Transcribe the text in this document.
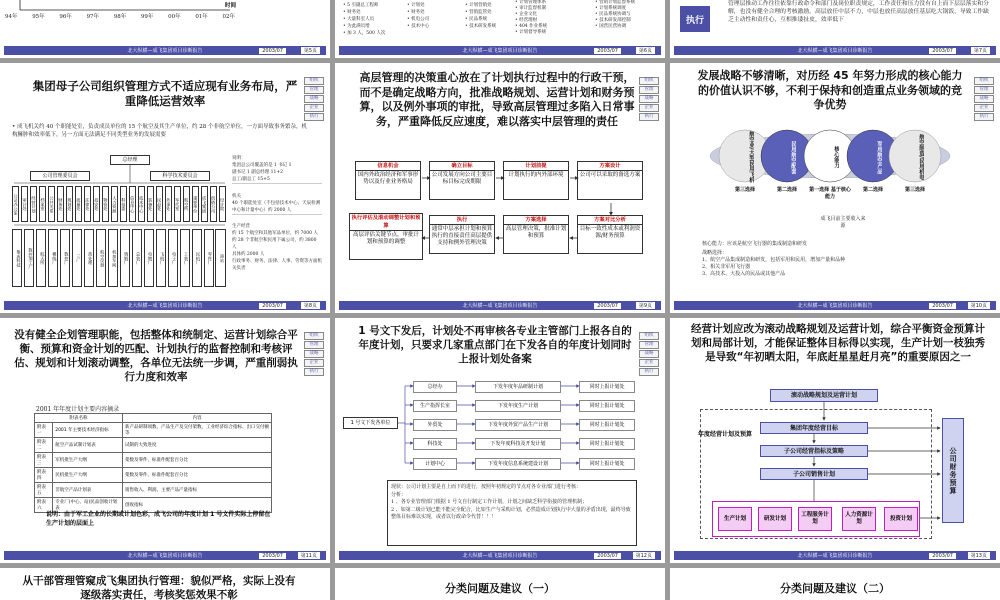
94年	95年	96年	97年	98年	99年	00年	01年	02年
时间
北大纵横—成飞集团项目诊断报告	2003/07	第5页
• 5 引副总工程师
• 财务处
• 大量科室人员
• 为此满员增
• 加 3 人，500 人次
• 计划处
• 财务处
• 机电公司
• 技术中心
• 计划营销处
• 营销监管处
• 民品系统
• 技术研发系统
• 计划管理体系
• 审计监督机制
• 企业文化
• 经营理财
• 404 作业系统
• 计划督导系统
• 营销计划监督系统
• 计划系统调度
• 民品系统协调与
• 技术研发部控制
• 国营民营协调
北大纵横—成飞集团项目诊断报告	2003/07	第6页
执行
管理层推动工作往往依靠行政命令和部门及岗位职责规定，工作责任和压力没有自上而下层层落实和分解，也没有健全合理的考核激励，高层放任中层不力，中层也放任高层放任基层吃大锅饭，导致工作缺乏主动性和责任心，互相推诿扯皮，效率低下
北大纵横—成飞集团项目诊断报告	2003/07	第7页
组织
管理
战略
企业
执行
集团母子公司组织管理方式不适应现有业务布局，严重降低运营效率
• 成飞机关约 40 个职能处室，负责成员单位的 15 个航空及其生产单位，约 28 个非航空单位，一方面导致事务繁杂，机构臃肿和效率低下，另一方面无法满足不同类型业务的发展需要
总经理
公司管理委员会	科学技术委员会
公司办公室 审计处 经营计划 档案室 公共关系 财务处 规划处 质量处 法律处 技安处 物资处 人力资源 科技委 信息中心 技术中心 装备处 民品处 外事处 军代室 航空所 重要单位 成飞集团 供销公司 设计院
集成科技	数控加工厂	航天所	模线厂	数控厂	三厂	热处理	航空仪器	机加车间	铸锻厂	总装厂	电镀厂	飞机厂	电子厂	工装厂	民机厂	零件厂	油站
说明：
集团总公司覆盖的是 1 书记 1
副书记 1 副总经理 11+2
总工/副总工 15+5
机关
40 个职能处室（不包括技术中心、天辰检测中心和计量中心）约 2000 人
生产经营
约 15 个航空和其他军品单位，约 7000 人
约 28 个非航空和民用下属公司，约 3800 人
具体约 2000 人
行政事务、财务、法律、人事、劳资等方面机关负责
北大纵横—成飞集团项目诊断报告	2003/07	第8页
组织
管理
战略
企业
执行
高层管理的决策重心放在了计划执行过程中的行政干预，而不是确定战略方向，批准战略规划、运营计划和财务预算，以及例外事项的审批，导致高层管理过多陷入日常事务，严重降低反应速度，难以落实中层管理的责任
信息机会
国内外政治经济和军事形势以及行业业务格局
确立目标
公司发展方向公司主要目标目标完成期限
计划前提
计划执行的内外部环境
方案设计
公司可以采取的备选方案
方案对比分析
目标一致性成本或利润资源/财务预算
方案选择
高层管理决策，批准计划和预算
执行
通常中层承担计划和预算执行的直接责任高层提供支持和例外管理决策
执行评估及滚动调整计划和预算
高层评估关键节点，审批计划和预算的调整
北大纵横—成飞集团项目诊断报告	2003/07	第9页
组织
管理
战略
企业
执行
发展战略不够清晰，对历经 45 年努力形成的核心能力的价值认识不够，不利于保持和创造重点业务领域的竞争优势
航空业/大型民用飞机	民用航空配套	核心能力	军用航空产品	航空制造/民用机电
第三选择	第二选择	第一选择 基于核心能力
第二选择	第三选择
成飞目前主要收入来源
核心能力：应该是航空飞行器的集成制造和研发
战略选择：
1、航空产品集成制造和研发，包括军用和民用，增加产量和品种
2、相关非军用飞行器
3、高技术、大投入的民品或其他产品
北大纵横—成飞集团项目诊断报告	2003/07	第10页
组织
管理
战略
企业
执行
没有健全企划管理职能，包括整体和统制定、运营计划综合平衡、预算和资金计划的匹配、计划执行的监督控制和考核评估、规划和计划滚动调整，各单位无法统一步调，严重削弱执行力度和效率
2001 年年度计划主要内容摘录
附表名称		内容
附表一	2001 年主要技术经济指标	新产品研制项数、产品生产及交付架数，工业经济综合指标、出口交付额等
附表二	航空产品试制计划表	试制的大致进度
附表三	军机批生产大纲	架数及零件、标准件配套百分比
附表四	民机批生产大纲	架数及零件、标准件配套百分比
附表五	非航空产品计划表	销售收入、利润、主要产品产量指标
附表六	专业厂(中心、站)民品创收计划表	创收指标
说明：由于军工企业的长期或计划色彩，成飞公司的年度计划 1 号文件实际上停留在生产计划的层面上
北大纵横—成飞集团项目诊断报告	2003/07	第11页
组织
管理
战略
企业
执行
1 号文下发后，计划处不再审核各专业主管部门上报各自的年度计划，只要求几家重点部门在下发各自的年度计划同时上报计划处备案
1 号文下发各单位
总经办	下发年度年品研制计划	同时上报计划处
生产指挥长室	下发年度生产计划	同时上报计划处
外贸处	下发年度外贸产品生产计划	同时上报计划处
科技处	下发年度科技及开发计划	同时上报计划处
计划中心	下发年度信息系统建设计划	同时上报计划处
现状：公司计划主要是自上而下的进行，按照年初规定的节点对各专业部门进行考核：
分析：
1 、各专业管理部门根据 1 号文自行制定工作计划，计划之间缺乏科学衔接的管理机制；
2 、如第二级计划已能不能完全配合，比如生产与采购计划，必然造成计划执行中大量的矛盾出现，最终导致整体目标难以实现，或者以行政命令代替！！！
北大纵横—成飞集团项目诊断报告	2003/07	第12页
经营计划应改为滚动战略规划及运营计划，综合平衡资金预算计划和局部计划，才能保证整体目标得以实现，生产计划一枝独秀是导致“年初晒太阳，年底赶星星赶月亮”的重要原因之一
滚动战略规划及运营计划
年度经营计划及预算
集团年度经营目标
子公司经营指标及策略
子公司销售计划
生产计划	研发计划
工程服务计划
人力资源计划
投资计划
公司财务预算
北大纵横—成飞集团项目诊断报告	2003/07	第13页
从干部管理管窥成飞集团执行管理：貌似严格，实际上没有逐级落实责任，考核奖惩效果不彰	分类问题及建议（一）	分类问题及建议（二）
